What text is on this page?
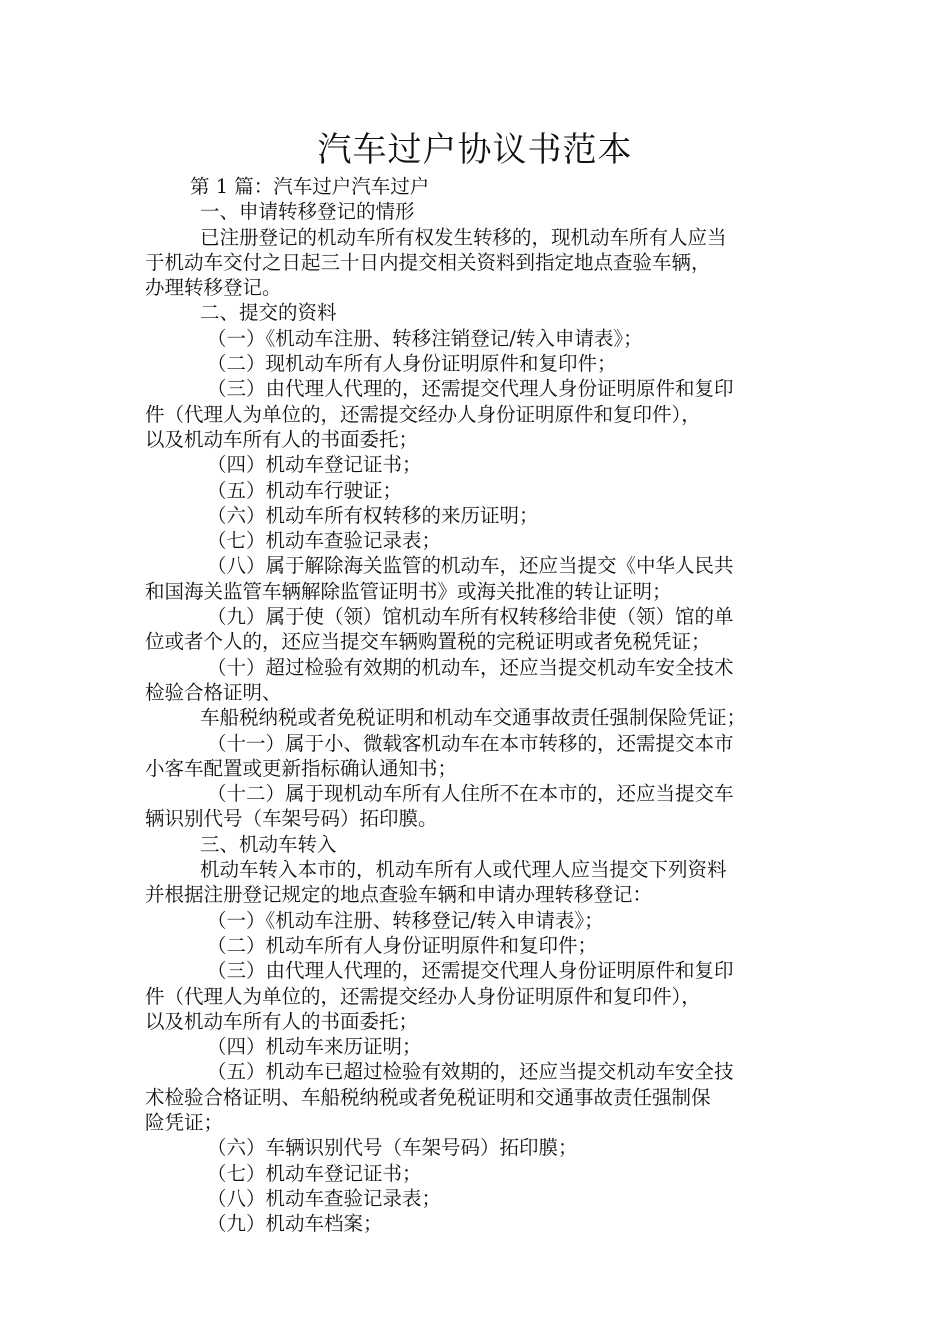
汽车过户协议书范本
第 1 篇：汽车过户汽车过户
一、申请转移登记的情形
已注册登记的机动车所有权发生转移的，现机动车所有人应当
于机动车交付之日起三十日内提交相关资料到指定地点查验车辆，
办理转移登记。
二、提交的资料
（一）《机动车注册、转移注销登记/转入申请表》；
（二）现机动车所有人身份证明原件和复印件；
（三）由代理人代理的，还需提交代理人身份证明原件和复印
件（代理人为单位的，还需提交经办人身份证明原件和复印件），
以及机动车所有人的书面委托；
（四）机动车登记证书；
（五）机动车行驶证；
（六）机动车所有权转移的来历证明；
（七）机动车查验记录表；
（八）属于解除海关监管的机动车，还应当提交《中华人民共
和国海关监管车辆解除监管证明书》或海关批准的转让证明；
（九）属于使（领）馆机动车所有权转移给非使（领）馆的单
位或者个人的，还应当提交车辆购置税的完税证明或者免税凭证；
（十）超过检验有效期的机动车，还应当提交机动车安全技术
检验合格证明、
车船税纳税或者免税证明和机动车交通事故责任强制保险凭证；
（十一）属于小、微载客机动车在本市转移的，还需提交本市
小客车配置或更新指标确认通知书；
（十二）属于现机动车所有人住所不在本市的，还应当提交车
辆识别代号（车架号码）拓印膜。
三、机动车转入
机动车转入本市的，机动车所有人或代理人应当提交下列资料
并根据注册登记规定的地点查验车辆和申请办理转移登记：
（一）《机动车注册、转移登记/转入申请表》；
（二）机动车所有人身份证明原件和复印件；
（三）由代理人代理的，还需提交代理人身份证明原件和复印
件（代理人为单位的，还需提交经办人身份证明原件和复印件），
以及机动车所有人的书面委托；
（四）机动车来历证明；
（五）机动车已超过检验有效期的，还应当提交机动车安全技
术检验合格证明、车船税纳税或者免税证明和交通事故责任强制保
险凭证；
（六）车辆识别代号（车架号码）拓印膜；
（七）机动车登记证书；
（八）机动车查验记录表；
（九）机动车档案；
